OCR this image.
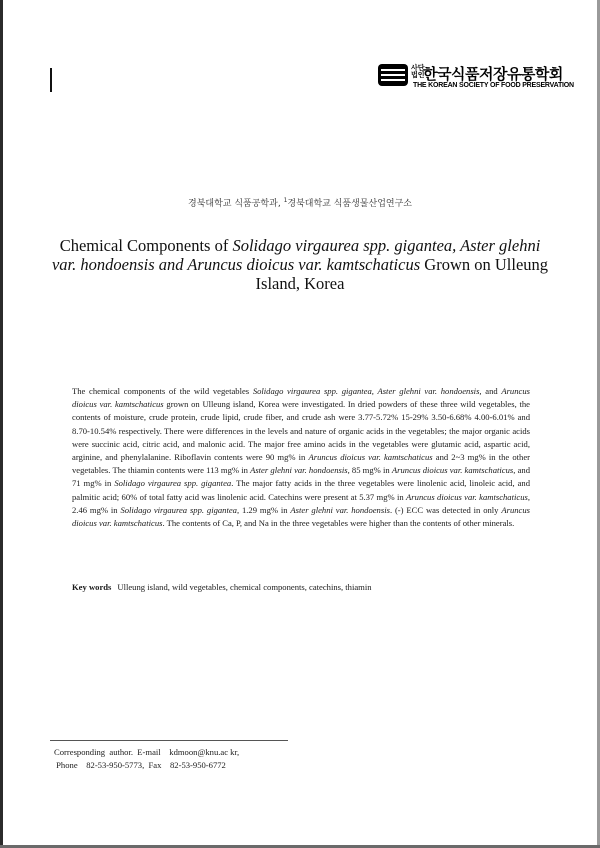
사단
법인
한국식품저장유통학회
THE KOREAN SOCIETY OF FOOD PRESERVATION
경북대학교 식품공학과, $^1$경북대학교 식품생물산업연구소
Chemical Components of Solidago virgaurea spp. gigantea, Aster glehni var. hondoensis and Aruncus dioicus var. kamtschaticus Grown on Ulleung Island, Korea
The chemical components of the wild vegetables Solidago virgaurea spp. gigantea, Aster glehni var. hondoensis, and Aruncus dioicus var. kamtschaticus grown on Ulleung island, Korea were investigated. In dried powders of these three wild vegetables, the contents of moisture, crude protein, crude lipid, crude fiber, and crude ash were 3.77-5.72% 15-29% 3.50-6.68% 4.00-6.01% and 8.70-10.54% respectively. There were differences in the levels and nature of organic acids in the vegetables; the major organic acids were succinic acid, citric acid, and malonic acid. The major free amino acids in the vegetables were glutamic acid, aspartic acid, arginine, and phenylalanine. Riboflavin contents were 90 mg% in Aruncus dioicus var. kamtschaticus and 2~3 mg% in the other vegetables. The thiamin contents were 113 mg% in Aster glehni var. hondoensis, 85 mg% in Aruncus dioicus var. kamtschaticus, and 71 mg% in Solidago virgaurea spp. gigantea. The major fatty acids in the three vegetables were linolenic acid, linoleic acid, and palmitic acid; 60% of total fatty acid was linolenic acid. Catechins were present at 5.37 mg% in Aruncus dioicus var. kamtschaticus, 2.46 mg% in Solidago virgaurea spp. gigantea, 1.29 mg% in Aster glehni var. hondoensis. (-) ECC was detected in only Aruncus dioicus var. kamtschaticus. The contents of Ca, P, and Na in the three vegetables were higher than the contents of other minerals.
Key words Ulleung island, wild vegetables, chemical components, catechins, thiamin
Corresponding  author.  E-mail    kdmoon@knu.ac kr,
Phone    82-53-950-5773,  Fax    82-53-950-6772
